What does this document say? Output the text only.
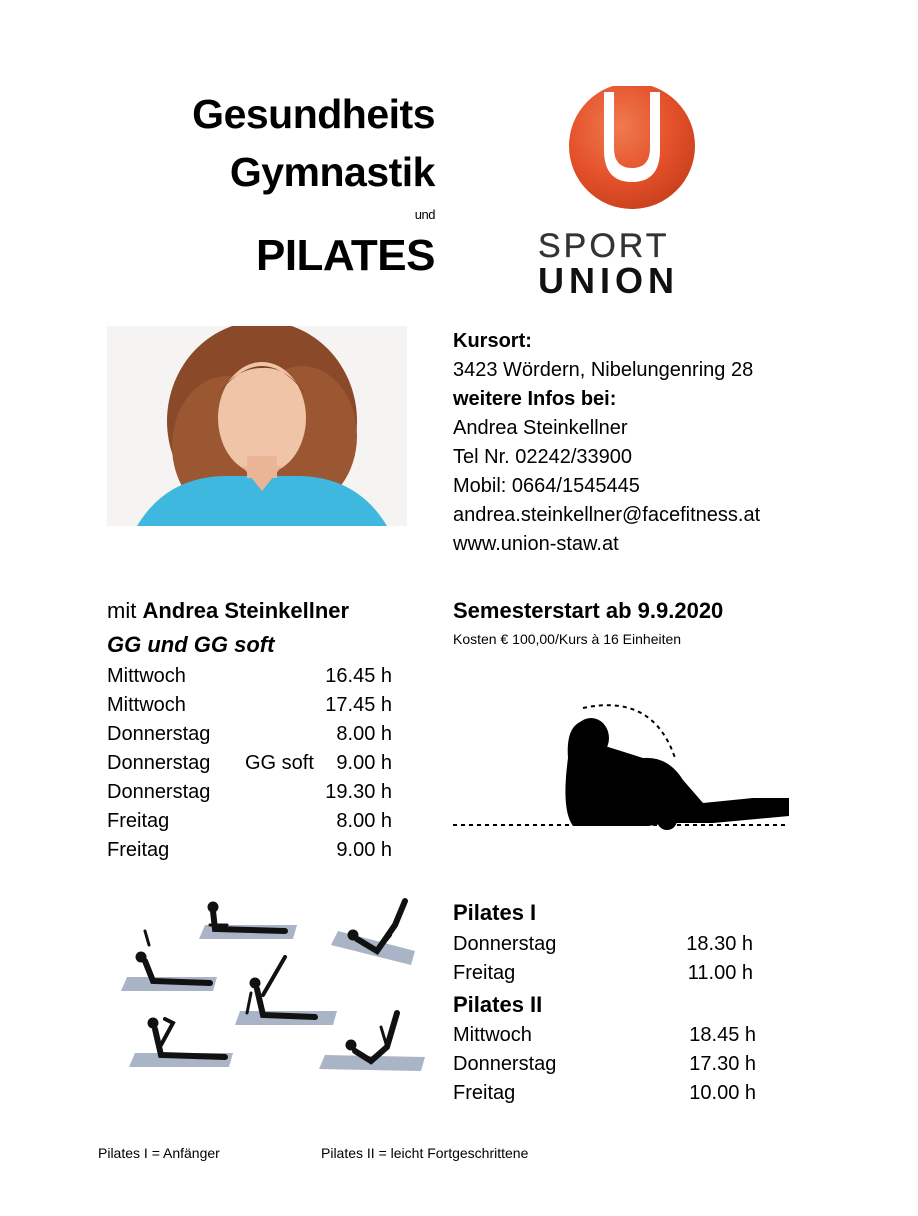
Gesundheits
Gymnastik
und
PILATES	SPORT
UNION
Kursort:
3423 Wördern, Nibelungenring 28
weitere Infos bei:
Andrea Steinkellner
Tel Nr. 02242/33900
Mobil: 0664/1545445
andrea.steinkellner@facefitness.at
www.union-staw.at
mit Andrea Steinkellner
GG und GG soft
Mittwoch	16.45 h
Mittwoch	17.45 h
Donnerstag	8.00 h
Donnerstag GG soft 9.00 h
Donnerstag	19.30 h
Freitag	8.00 h
Freitag	9.00 h
Semesterstart ab 9.9.2020
Kosten € 100,00/Kurs à 16 Einheiten
Pilates I
Donnerstag	18.30 h
Freitag	11.00 h
Pilates II
Mittwoch	18.45 h
Donnerstag	17.30 h
Freitag	10.00 h
Pilates I = Anfänger	Pilates II = leicht Fortgeschrittene
